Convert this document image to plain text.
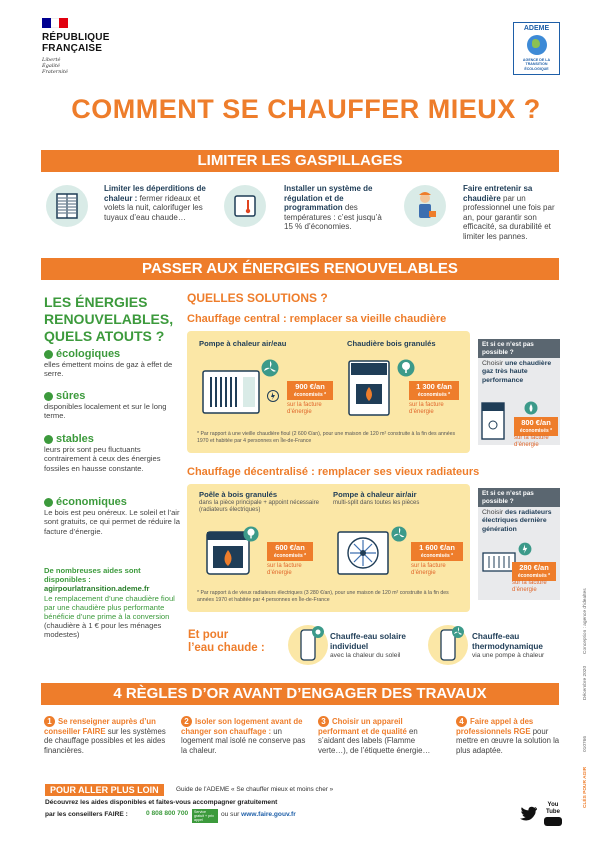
RÉPUBLIQUE
FRANÇAISE
Liberté
Égalité
Fraternité
ADEME
AGENCE DE LA TRANSITION ÉCOLOGIQUE
COMMENT SE CHAUFFER MIEUX ?
LIMITER LES GASPILLAGES
Limiter les déperditions de chaleur : fermer rideaux et volets la nuit, calorifuger les tuyaux d’eau chaude…
Installer un système de régulation et de programmation des températures : c’est jusqu’à 15 % d’économies.
Faire entretenir sa chaudière par un professionnel une fois par an, pour garantir son efficacité, sa durabilité et limiter les pannes.
PASSER AUX ÉNERGIES RENOUVELABLES
LES ÉNERGIES
RENOUVELABLES,
QUELS ATOUTS ?
écologiques
elles émettent moins de gaz à effet de serre.
sûres
disponibles localement et sur le long terme.
stables
leurs prix sont peu fluctuants contrairement à ceux des énergies fossiles en hausse constante.
économiques
Le bois est peu onéreux. Le soleil et l’air sont gratuits, ce qui permet de réduire la facture d’énergie.
De nombreuses aides sont disponibles :
agirpourlatransition.ademe.fr
Le remplacement d’une chaudière fioul par une chaudière plus performante bénéficie d’une prime à la conversion (chaudière à 1 € pour les ménages modestes)
QUELLES SOLUTIONS ?
Chauffage central : remplacer sa vieille chaudière
Pompe à chaleur air/eau	Chaudière bois granulés
900 €/an
économisés *
sur la facture d’énergie
1 300 €/an
économisés *
sur la facture d’énergie
* Par rapport à une vieille chaudière fioul (2 600 €/an), pour une maison de 120 m² construite à la fin des années 1970 et habitée par 4 personnes en Île-de-France
Et si ce n’est pas possible ?
Choisir une chaudière gaz très haute performance
800 €/an
économisés *
sur la facture d’énergie
Chauffage décentralisé : remplacer ses vieux radiateurs
Poêle à bois granulés
dans la pièce principale + appoint nécessaire (radiateurs électriques)
Pompe à chaleur air/air
multi-split dans toutes les pièces
600 €/an
économisés *
sur la facture d’énergie
1 600 €/an
économisés *
sur la facture d’énergie
* Par rapport à de vieux radiateurs électriques (3 280 €/an), pour une maison de 120 m² construite à la fin des années 1970 et habitée par 4 personnes en Île-de-France
Et si ce n’est pas possible ?
Choisir des radiateurs électriques dernière génération
280 €/an
économisés *
sur la facture d’énergie
Et pour
l’eau chaude :
Chauffe-eau solaire individuel
avec la chaleur du soleil
Chauffe-eau thermodynamique
via une pompe à chaleur
4 RÈGLES D’OR AVANT D’ENGAGER DES TRAVAUX
1 Se renseigner auprès d’un conseiller FAIRE sur les systèmes de chauffage possibles et les aides financières.
2 Isoler son logement avant de changer son chauffage : un logement mal isolé ne conserve pas la chaleur.
3 Choisir un appareil performant et de qualité en s’aidant des labels (Flamme verte…), de l’étiquette énergie…
4 Faire appel à des professionnels RGE pour mettre en œuvre la solution la plus adaptée.
POUR ALLER PLUS LOIN	Guide de l’ADEME « Se chauffer mieux et moins cher »
Découvrez les aides disponibles et faites-vous accompagner gratuitement
par les conseillers FAIRE :	0 808 800 700	Service gratuit + prix appel
ou sur www.faire.gouv.fr
You Tube
CLÉS POUR AGIR
Décembre 2020
010766
Conception : agence d’idealtes
